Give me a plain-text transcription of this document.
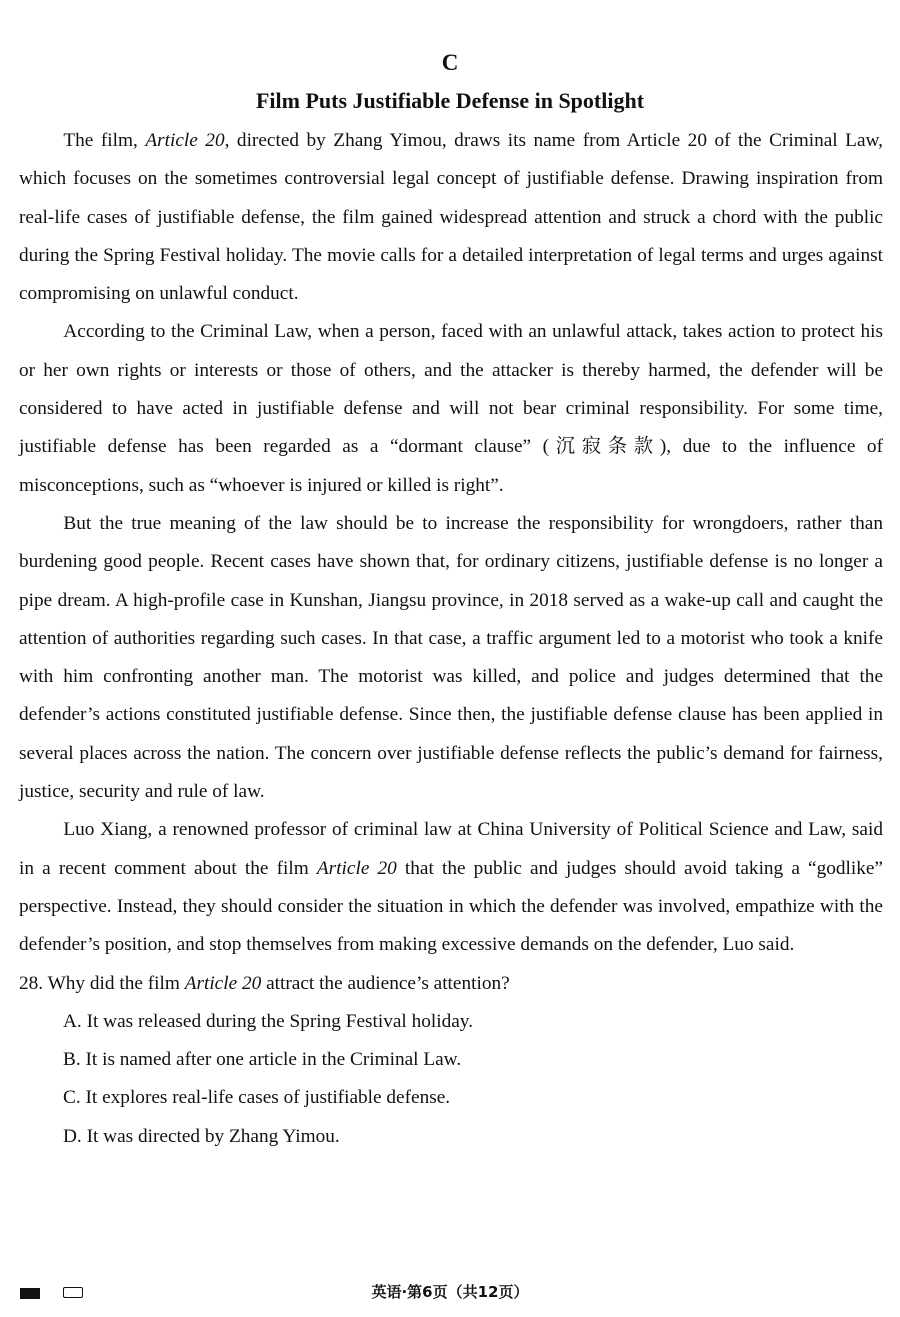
C
Film Puts Justifiable Defense in Spotlight

The film, Article 20, directed by Zhang Yimou, draws its name from Article 20 of the Criminal Law, which focuses on the sometimes controversial legal concept of justifiable defense. Drawing inspiration from real-life cases of justifiable defense, the film gained widespread attention and struck a chord with the public during the Spring Festival holiday. The movie calls for a detailed interpretation of legal terms and urges against compromising on unlawful conduct.

According to the Criminal Law, when a person, faced with an unlawful attack, takes action to protect his or her own rights or interests or those of others, and the attacker is thereby harmed, the defender will be considered to have acted in justifiable defense and will not bear criminal responsibility. For some time, justifiable defense has been regarded as a “dormant clause” (沉寂条款), due to the influence of misconceptions, such as “whoever is injured or killed is right”.

But the true meaning of the law should be to increase the responsibility for wrongdoers, rather than burdening good people. Recent cases have shown that, for ordinary citizens, justifiable defense is no longer a pipe dream. A high-profile case in Kunshan, Jiangsu province, in 2018 served as a wake-up call and caught the attention of authorities regarding such cases. In that case, a traffic argument led to a motorist who took a knife with him confronting another man. The motorist was killed, and police and judges determined that the defender’s actions constituted justifiable defense. Since then, the justifiable defense clause has been applied in several places across the nation. The concern over justifiable defense reflects the public’s demand for fairness, justice, security and rule of law.

Luo Xiang, a renowned professor of criminal law at China University of Political Science and Law, said in a recent comment about the film Article 20 that the public and judges should avoid taking a “godlike” perspective. Instead, they should consider the situation in which the defender was involved, empathize with the defender’s position, and stop themselves from making excessive demands on the defender, Luo said.

28. Why did the film Article 20 attract the audience’s attention?

A. It was released during the Spring Festival holiday.

B. It is named after one article in the Criminal Law.

C. It explores real-life cases of justifiable defense.

D. It was directed by Zhang Yimou.

英语·第6页（共12页）
